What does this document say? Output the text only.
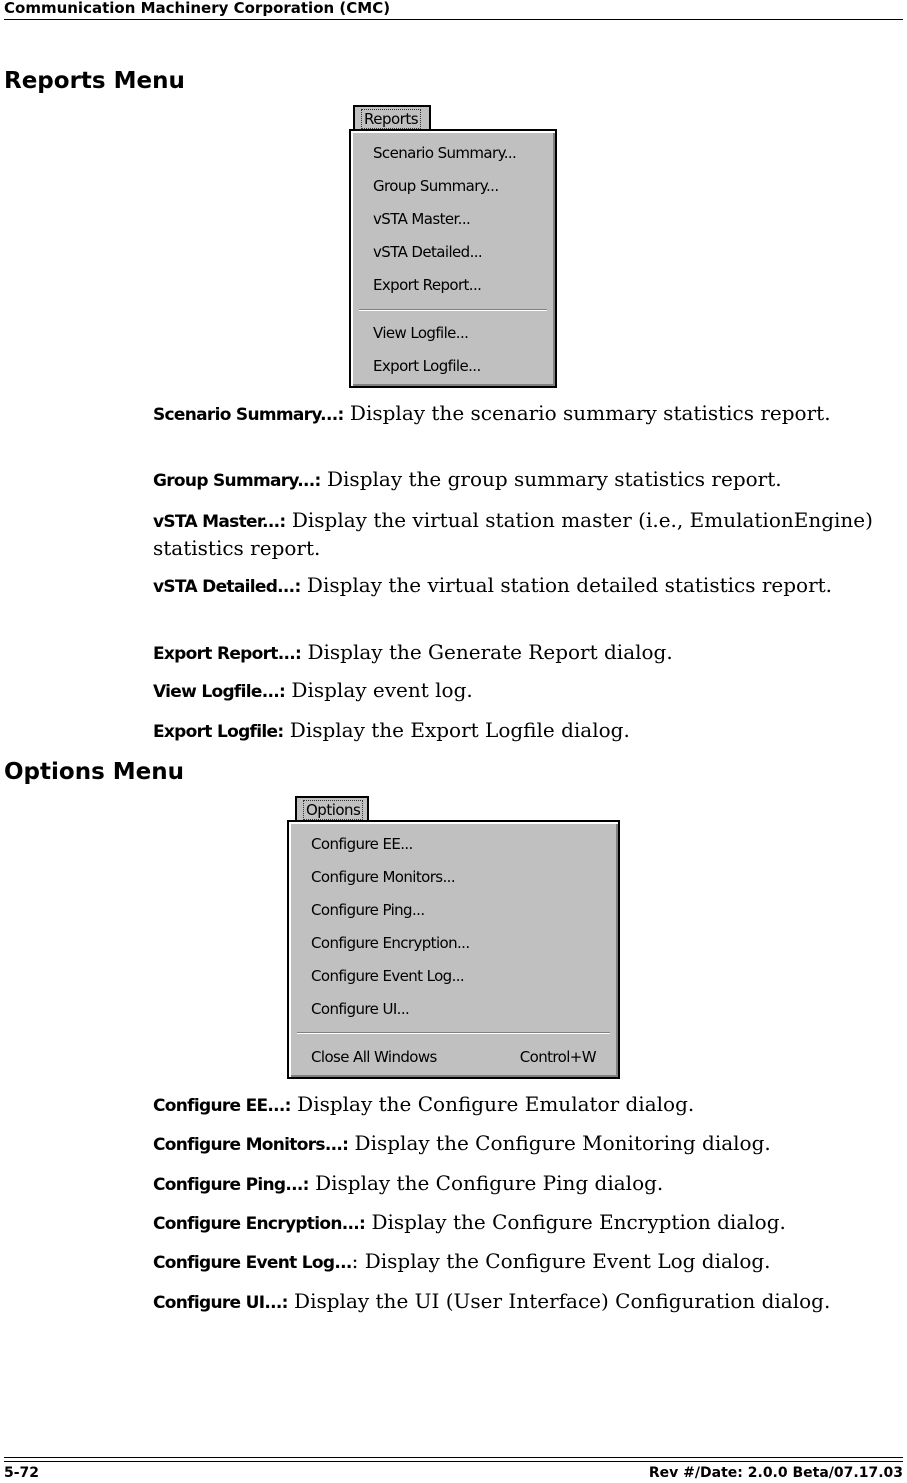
Communication Machinery Corporation (CMC)
Reports Menu
Reports
Scenario Summary...
Group Summary...
vSTA Master...
vSTA Detailed...
Export Report...
View Logfile...
Export Logfile...

Scenario Summary...: Display the scenario summary statistics report.

Group Summary...: Display the group summary statistics report.

vSTA Master...: Display the virtual station master (i.e., EmulationEngine) statistics report.

vSTA Detailed...: Display the virtual station detailed statistics report.

Export Report...: Display the Generate Report dialog.

View Logfile...: Display event log.

Export Logfile: Display the Export Logfile dialog.

Options Menu
Options
Configure EE...
Configure Monitors...
Configure Ping...
Configure Encryption...
Configure Event Log...
Configure UI...
Close All Windows	Control+W

Configure EE...: Display the Configure Emulator dialog.

Configure Monitors...: Display the Configure Monitoring dialog.

Configure Ping...: Display the Configure Ping dialog.

Configure Encryption...: Display the Configure Encryption dialog.

Configure Event Log...: Display the Configure Event Log dialog.

Configure UI...: Display the UI (User Interface) Configuration dialog.

5-72	Rev #/Date: 2.0.0 Beta/07.17.03
